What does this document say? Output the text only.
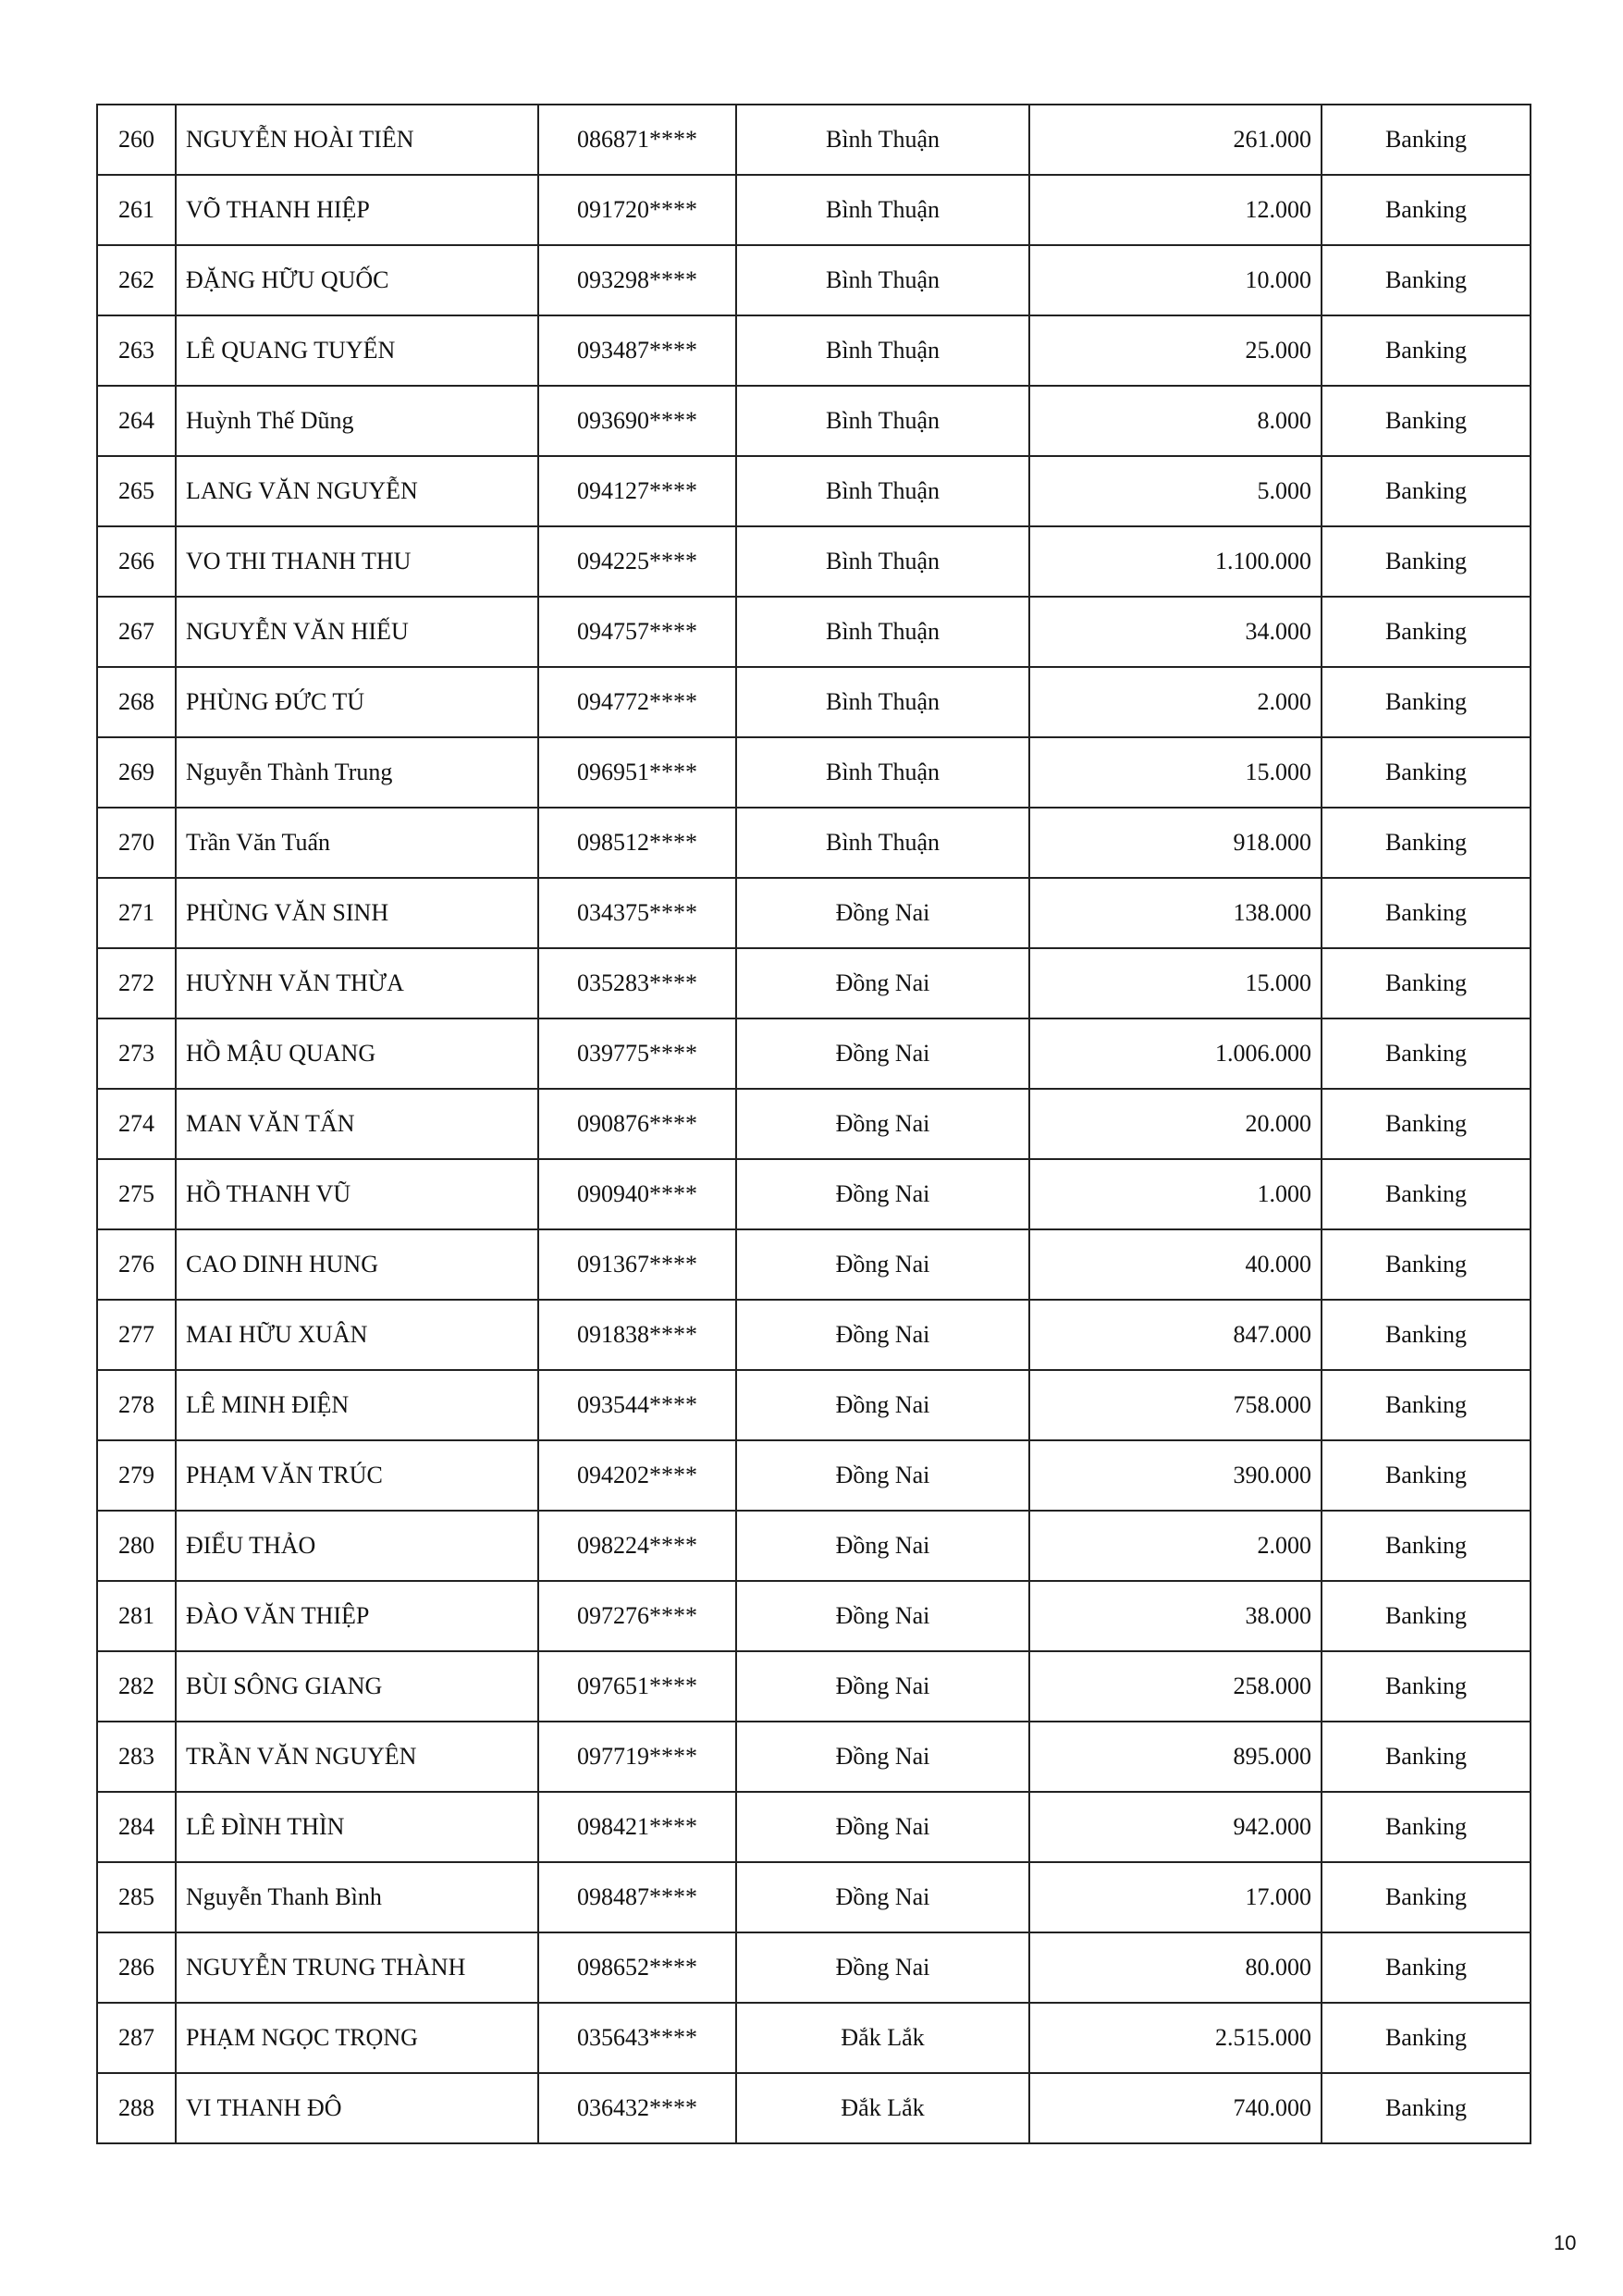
260	NGUYỄN HOÀI TIÊN	086871****	Bình Thuận	261.000	Banking
261	VÕ THANH HIỆP	091720****	Bình Thuận	12.000	Banking
262	ĐẶNG HỮU QUỐC	093298****	Bình Thuận	10.000	Banking
263	LÊ QUANG TUYẾN	093487****	Bình Thuận	25.000	Banking
264	Huỳnh Thế Dũng	093690****	Bình Thuận	8.000	Banking
265	LANG VĂN NGUYỄN	094127****	Bình Thuận	5.000	Banking
266	VO THI THANH THU	094225****	Bình Thuận	1.100.000	Banking
267	NGUYỄN VĂN HIẾU	094757****	Bình Thuận	34.000	Banking
268	PHÙNG ĐỨC TÚ	094772****	Bình Thuận	2.000	Banking
269	Nguyễn Thành Trung	096951****	Bình Thuận	15.000	Banking
270	Trần Văn Tuấn	098512****	Bình Thuận	918.000	Banking
271	PHÙNG VĂN SINH	034375****	Đồng Nai	138.000	Banking
272	HUỲNH VĂN THỪA	035283****	Đồng Nai	15.000	Banking
273	HỒ MẬU QUANG	039775****	Đồng Nai	1.006.000	Banking
274	MAN VĂN TẤN	090876****	Đồng Nai	20.000	Banking
275	HỒ THANH VŨ	090940****	Đồng Nai	1.000	Banking
276	CAO DINH HUNG	091367****	Đồng Nai	40.000	Banking
277	MAI HỮU XUÂN	091838****	Đồng Nai	847.000	Banking
278	LÊ MINH ĐIỆN	093544****	Đồng Nai	758.000	Banking
279	PHẠM VĂN TRÚC	094202****	Đồng Nai	390.000	Banking
280	ĐIỂU THẢO	098224****	Đồng Nai	2.000	Banking
281	ĐÀO VĂN THIỆP	097276****	Đồng Nai	38.000	Banking
282	BÙI SÔNG GIANG	097651****	Đồng Nai	258.000	Banking
283	TRẦN VĂN NGUYÊN	097719****	Đồng Nai	895.000	Banking
284	LÊ ĐÌNH THÌN	098421****	Đồng Nai	942.000	Banking
285	Nguyễn Thanh Bình	098487****	Đồng Nai	17.000	Banking
286	NGUYỄN TRUNG THÀNH	098652****	Đồng Nai	80.000	Banking
287	PHẠM NGỌC TRỌNG	035643****	Đắk Lắk	2.515.000	Banking
288	VI THANH ĐÔ	036432****	Đắk Lắk	740.000	Banking
10
